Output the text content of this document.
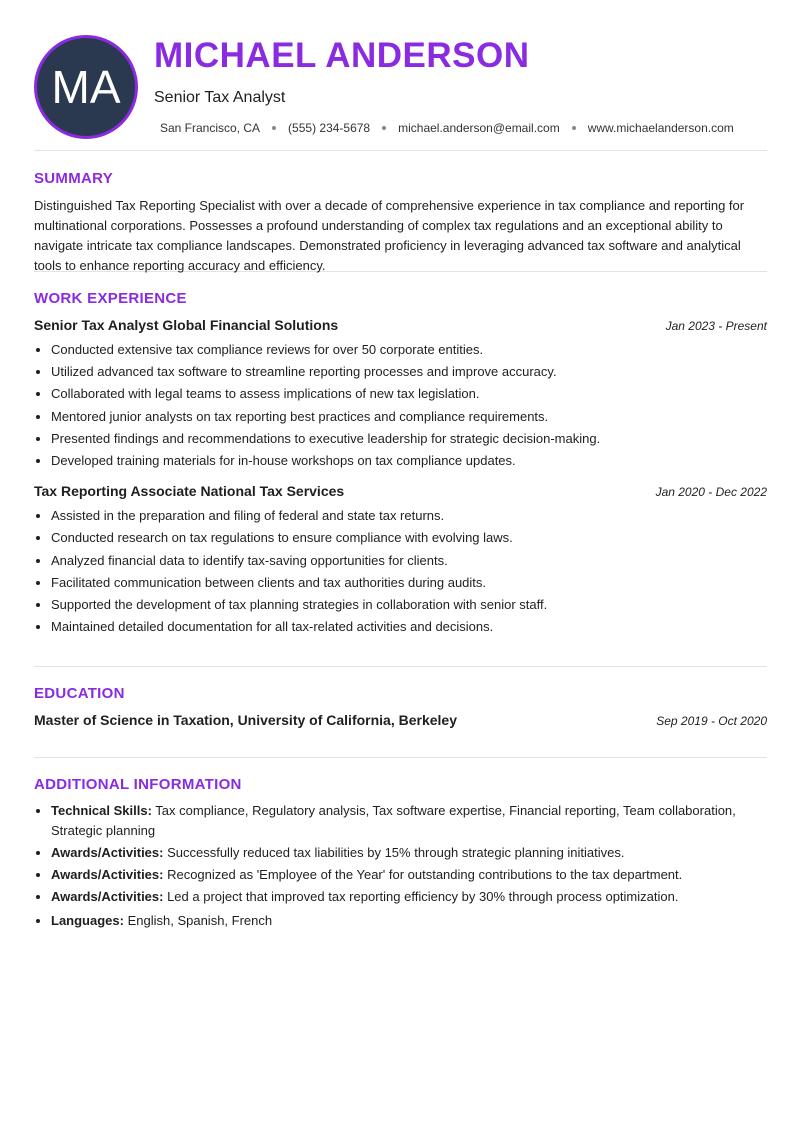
MA
MICHAEL ANDERSON
Senior Tax Analyst
San Francisco, CA (555) 234-5678 michael.anderson@email.com www.michaelanderson.com
SUMMARY

Distinguished Tax Reporting Specialist with over a decade of comprehensive experience in tax compliance and reporting for multinational corporations. Possesses a profound understanding of complex tax regulations and an exceptional ability to navigate intricate tax compliance landscapes. Demonstrated proficiency in leveraging advanced tax software and analytical tools to enhance reporting accuracy and efficiency.

WORK EXPERIENCE
Senior Tax Analyst Global Financial Solutions	Jan 2023 - Present
• Conducted extensive tax compliance reviews for over 50 corporate entities.
• Utilized advanced tax software to streamline reporting processes and improve accuracy.
• Collaborated with legal teams to assess implications of new tax legislation.
• Mentored junior analysts on tax reporting best practices and compliance requirements.
• Presented findings and recommendations to executive leadership for strategic decision-making.
• Developed training materials for in-house workshops on tax compliance updates.
Tax Reporting Associate National Tax Services	Jan 2020 - Dec 2022
• Assisted in the preparation and filing of federal and state tax returns.
• Conducted research on tax regulations to ensure compliance with evolving laws.
• Analyzed financial data to identify tax-saving opportunities for clients.
• Facilitated communication between clients and tax authorities during audits.
• Supported the development of tax planning strategies in collaboration with senior staff.
• Maintained detailed documentation for all tax-related activities and decisions.
EDUCATION
Master of Science in Taxation, University of California, Berkeley	Sep 2019 - Oct 2020
ADDITIONAL INFORMATION
• Technical Skills: Tax compliance, Regulatory analysis, Tax software expertise, Financial reporting, Team collaboration, Strategic planning
• Awards/Activities: Successfully reduced tax liabilities by 15% through strategic planning initiatives.
• Awards/Activities: Recognized as 'Employee of the Year' for outstanding contributions to the tax department.
• Awards/Activities: Led a project that improved tax reporting efficiency by 30% through process optimization.
• Languages: English, Spanish, French
